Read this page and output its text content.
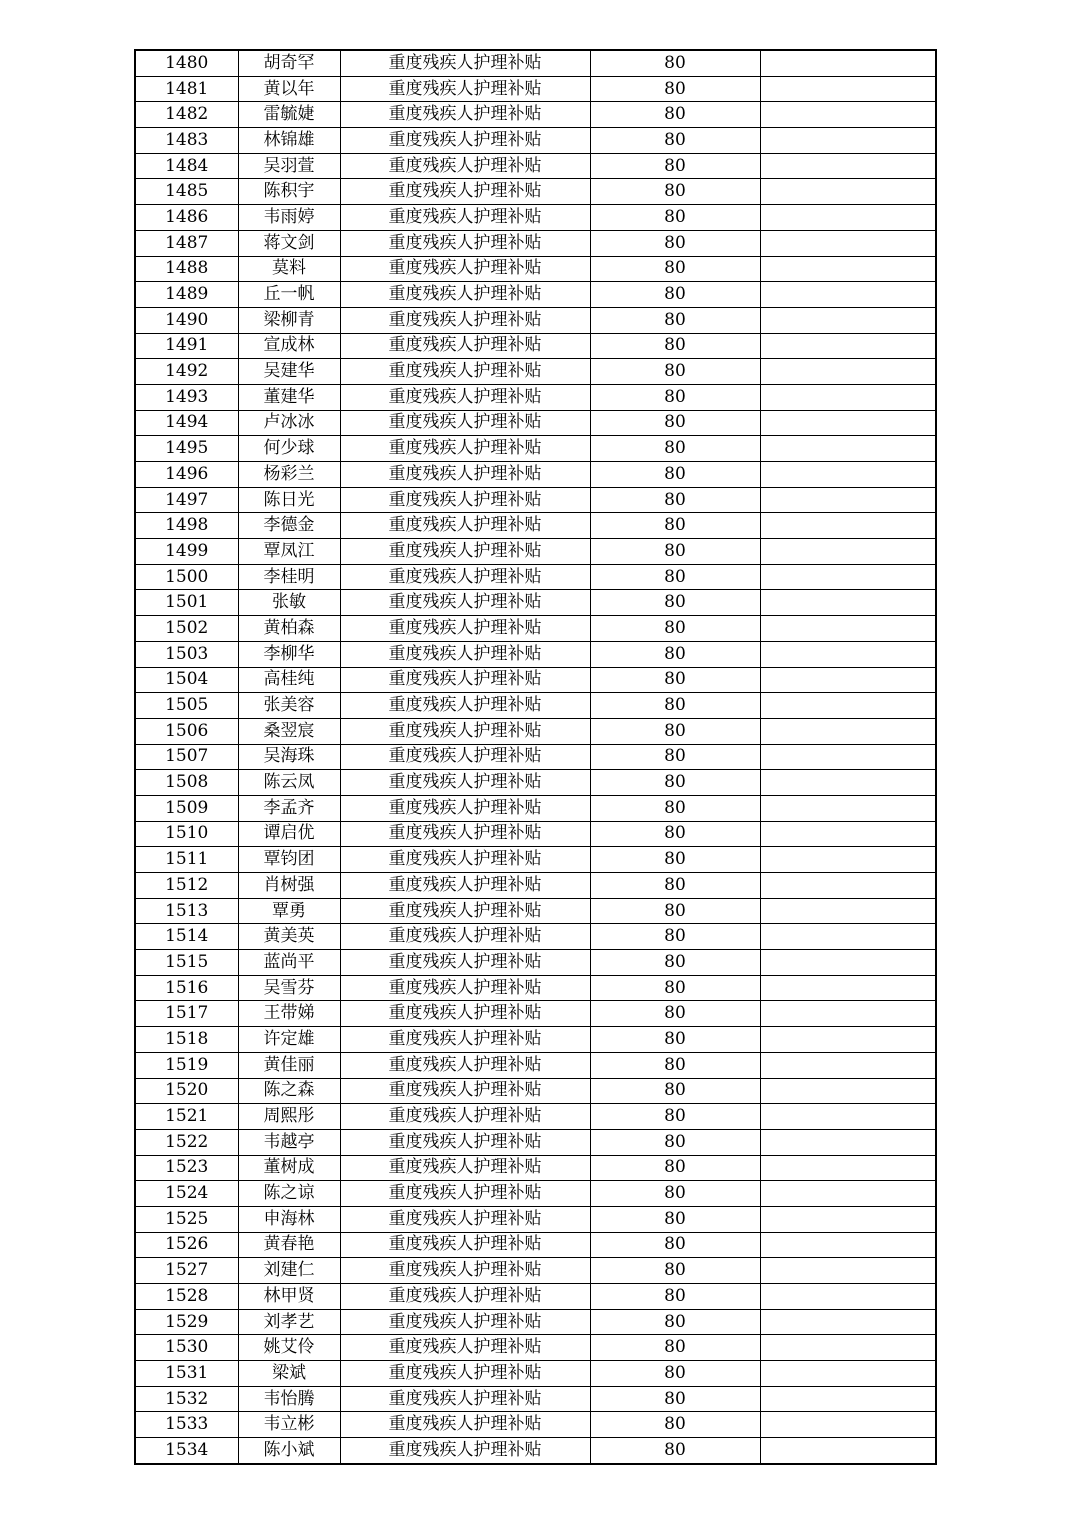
1480	胡奇罕	重度残疾人护理补贴	80	
1481	黄以年	重度残疾人护理补贴	80	
1482	雷毓婕	重度残疾人护理补贴	80	
1483	林锦雄	重度残疾人护理补贴	80	
1484	吴羽萱	重度残疾人护理补贴	80	
1485	陈积宇	重度残疾人护理补贴	80	
1486	韦雨婷	重度残疾人护理补贴	80	
1487	蒋文剑	重度残疾人护理补贴	80	
1488	莫料	重度残疾人护理补贴	80	
1489	丘一帆	重度残疾人护理补贴	80	
1490	梁柳青	重度残疾人护理补贴	80	
1491	宣成林	重度残疾人护理补贴	80	
1492	吴建华	重度残疾人护理补贴	80	
1493	董建华	重度残疾人护理补贴	80	
1494	卢冰冰	重度残疾人护理补贴	80	
1495	何少球	重度残疾人护理补贴	80	
1496	杨彩兰	重度残疾人护理补贴	80	
1497	陈日光	重度残疾人护理补贴	80	
1498	李德金	重度残疾人护理补贴	80	
1499	覃凤江	重度残疾人护理补贴	80	
1500	李桂明	重度残疾人护理补贴	80	
1501	张敏	重度残疾人护理补贴	80	
1502	黄柏森	重度残疾人护理补贴	80	
1503	李柳华	重度残疾人护理补贴	80	
1504	高桂纯	重度残疾人护理补贴	80	
1505	张美容	重度残疾人护理补贴	80	
1506	桑翌宸	重度残疾人护理补贴	80	
1507	吴海珠	重度残疾人护理补贴	80	
1508	陈云凤	重度残疾人护理补贴	80	
1509	李孟齐	重度残疾人护理补贴	80	
1510	谭启优	重度残疾人护理补贴	80	
1511	覃钧团	重度残疾人护理补贴	80	
1512	肖树强	重度残疾人护理补贴	80	
1513	覃勇	重度残疾人护理补贴	80	
1514	黄美英	重度残疾人护理补贴	80	
1515	蓝尚平	重度残疾人护理补贴	80	
1516	吴雪芬	重度残疾人护理补贴	80	
1517	王带娣	重度残疾人护理补贴	80	
1518	许定雄	重度残疾人护理补贴	80	
1519	黄佳丽	重度残疾人护理补贴	80	
1520	陈之森	重度残疾人护理补贴	80	
1521	周熙彤	重度残疾人护理补贴	80	
1522	韦越亭	重度残疾人护理补贴	80	
1523	董树成	重度残疾人护理补贴	80	
1524	陈之谅	重度残疾人护理补贴	80	
1525	申海林	重度残疾人护理补贴	80	
1526	黄春艳	重度残疾人护理补贴	80	
1527	刘建仁	重度残疾人护理补贴	80	
1528	林甲贤	重度残疾人护理补贴	80	
1529	刘孝艺	重度残疾人护理补贴	80	
1530	姚艾伶	重度残疾人护理补贴	80	
1531	梁斌	重度残疾人护理补贴	80	
1532	韦怡腾	重度残疾人护理补贴	80	
1533	韦立彬	重度残疾人护理补贴	80	
1534	陈小斌	重度残疾人护理补贴	80	
